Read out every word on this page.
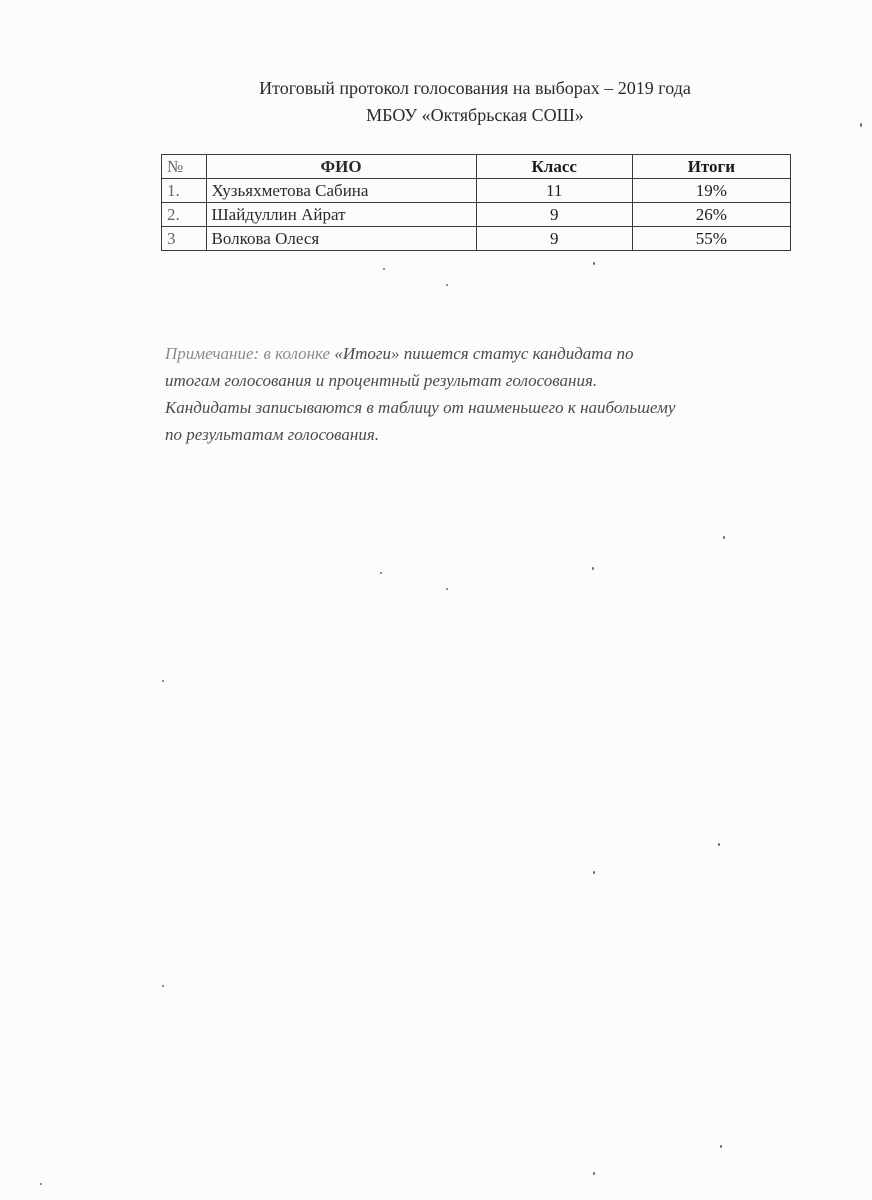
Итоговый протокол голосования на выборах – 2019 года
МБОУ «Октябрьская СОШ»
№	ФИО	Класс	Итоги
1.	Хузьяхметова Сабина	11	19%
2.	Шайдуллин Айрат	9	26%
3	Волкова Олеся	9	55%

Примечание: в колонке «Итоги» пишется статус кандидата по

итогам голосования и процентный результат голосования.

Кандидаты записываются в таблицу от наименьшего к наибольшему

по результатам голосования.
